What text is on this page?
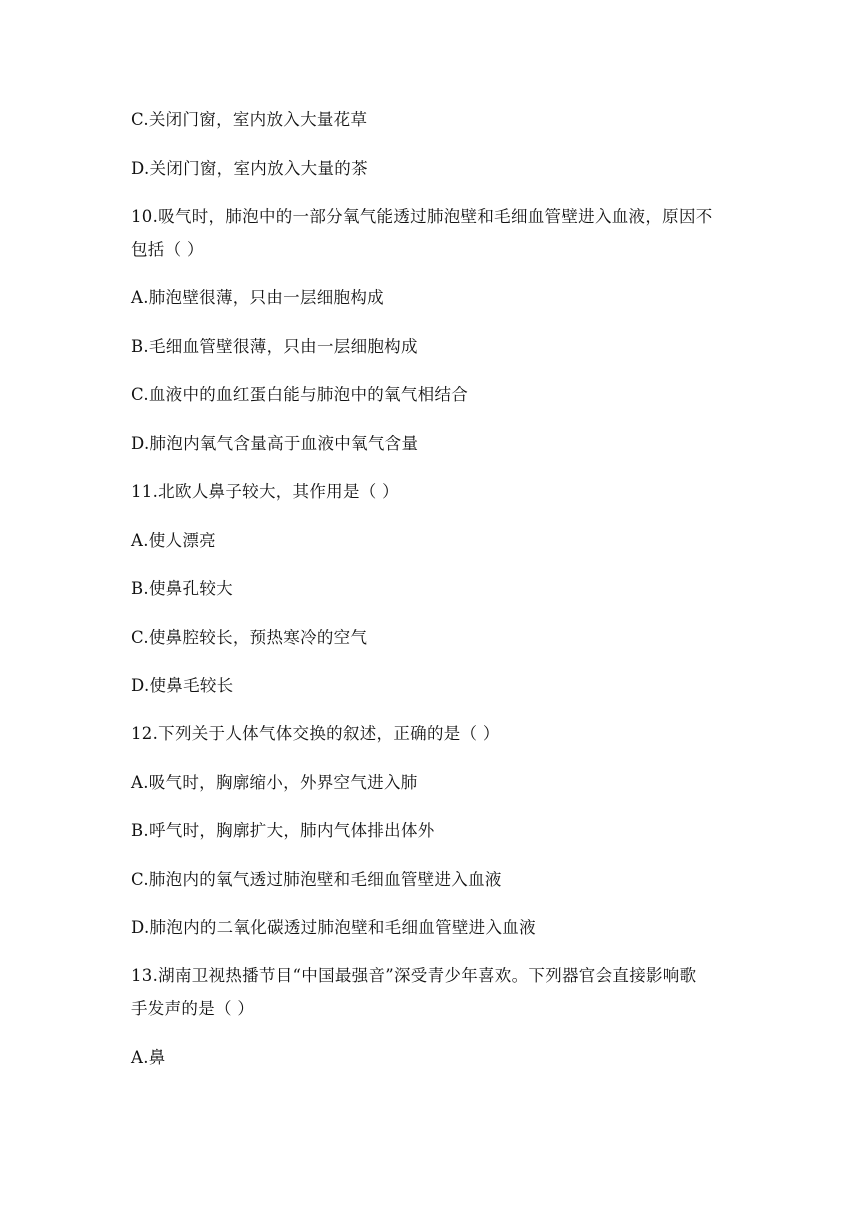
C.关闭门窗，室内放入大量花草
D.关闭门窗，室内放入大量的茶
10.吸气时，肺泡中的一部分氧气能透过肺泡壁和毛细血管壁进入血液，原因不
包括（ ）
A.肺泡壁很薄，只由一层细胞构成
B.毛细血管壁很薄，只由一层细胞构成
C.血液中的血红蛋白能与肺泡中的氧气相结合
D.肺泡内氧气含量高于血液中氧气含量
11.北欧人鼻子较大，其作用是（ ）
A.使人漂亮
B.使鼻孔较大
C.使鼻腔较长，预热寒冷的空气
D.使鼻毛较长
12.下列关于人体气体交换的叙述，正确的是（ ）
A.吸气时，胸廓缩小，外界空气进入肺
B.呼气时，胸廓扩大，肺内气体排出体外
C.肺泡内的氧气透过肺泡壁和毛细血管壁进入血液
D.肺泡内的二氧化碳透过肺泡壁和毛细血管壁进入血液
13.湖南卫视热播节目“中国最强音”深受青少年喜欢。下列器官会直接影响歌
手发声的是（ ）
A.鼻
